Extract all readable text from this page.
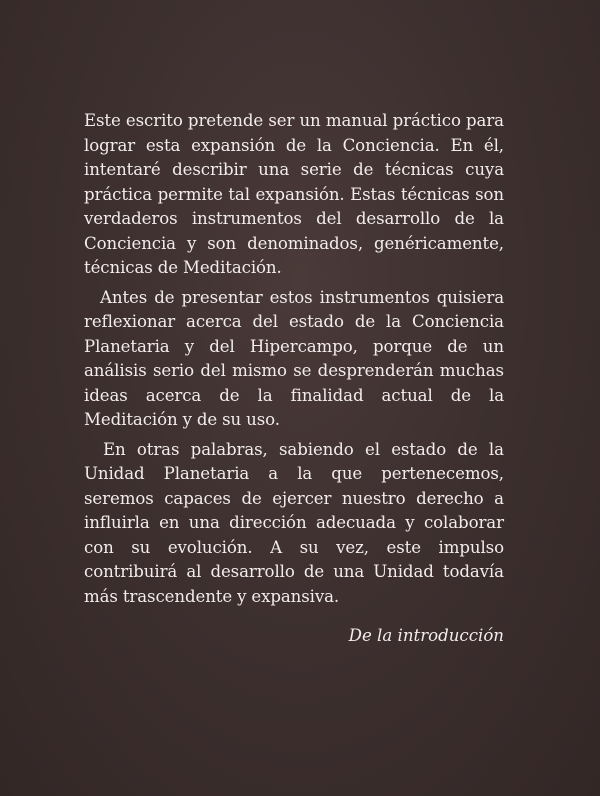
Este escrito pretende ser un manual práctico para
lograr esta expansión de la Conciencia. En él,
intentaré describir una serie de técnicas cuya
práctica permite tal expansión. Estas técnicas son
verdaderos instrumentos del desarrollo de la
Conciencia y son denominados, genéricamente,
técnicas de Meditación.
Antes de presentar estos instrumentos quisiera
reflexionar acerca del estado de la Conciencia
Planetaria y del Hipercampo, porque de un
análisis serio del mismo se desprenderán muchas
ideas acerca de la finalidad actual de la
Meditación y de su uso.
En otras palabras, sabiendo el estado de la
Unidad Planetaria a la que pertenecemos,
seremos capaces de ejercer nuestro derecho a
influirla en una dirección adecuada y colaborar
con su evolución. A su vez, este impulso
contribuirá al desarrollo de una Unidad todavía
más trascendente y expansiva.
De la introducción
